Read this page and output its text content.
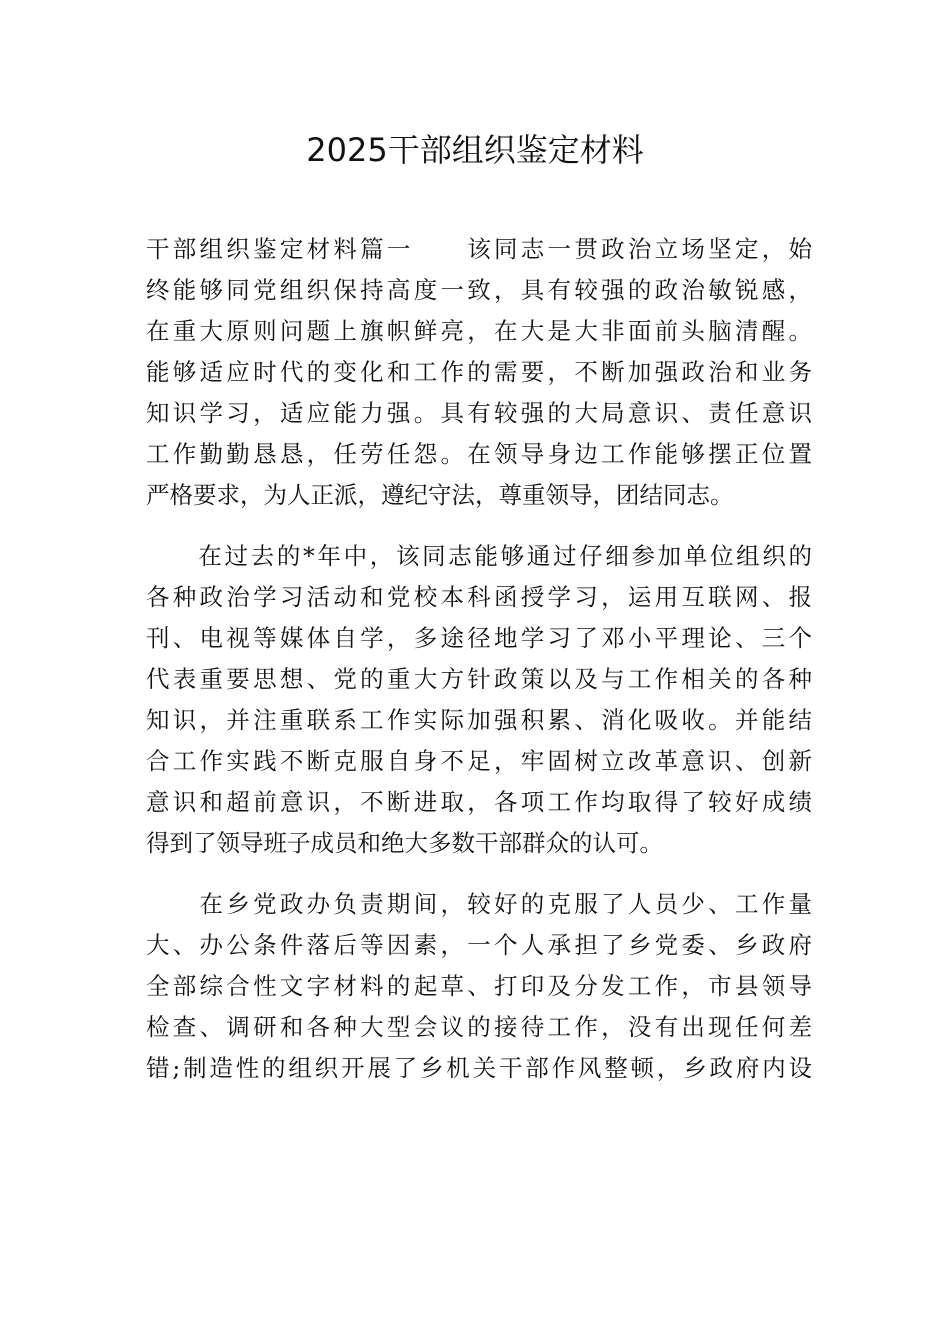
2025干部组织鉴定材料
干部组织鉴定材料篇一　　该同志一贯政治立场坚定，始
终能够同党组织保持高度一致，具有较强的政治敏锐感，
在重大原则问题上旗帜鲜亮，在大是大非面前头脑清醒。
能够适应时代的变化和工作的需要，不断加强政治和业务
知识学习，适应能力强。具有较强的大局意识、责任意识
工作勤勤恳恳，任劳任怨。在领导身边工作能够摆正位置
严格要求，为人正派，遵纪守法，尊重领导，团结同志。
　　在过去的*年中，该同志能够通过仔细参加单位组织的
各种政治学习活动和党校本科函授学习，运用互联网、报
刊、电视等媒体自学，多途径地学习了邓小平理论、三个
代表重要思想、党的重大方针政策以及与工作相关的各种
知识，并注重联系工作实际加强积累、消化吸收。并能结
合工作实践不断克服自身不足，牢固树立改革意识、创新
意识和超前意识，不断进取，各项工作均取得了较好成绩
得到了领导班子成员和绝大多数干部群众的认可。
　　在乡党政办负责期间，较好的克服了人员少、工作量
大、办公条件落后等因素，一个人承担了乡党委、乡政府
全部综合性文字材料的起草、打印及分发工作，市县领导
检查、调研和各种大型会议的接待工作，没有出现任何差
错;制造性的组织开展了乡机关干部作风整顿，乡政府内设
